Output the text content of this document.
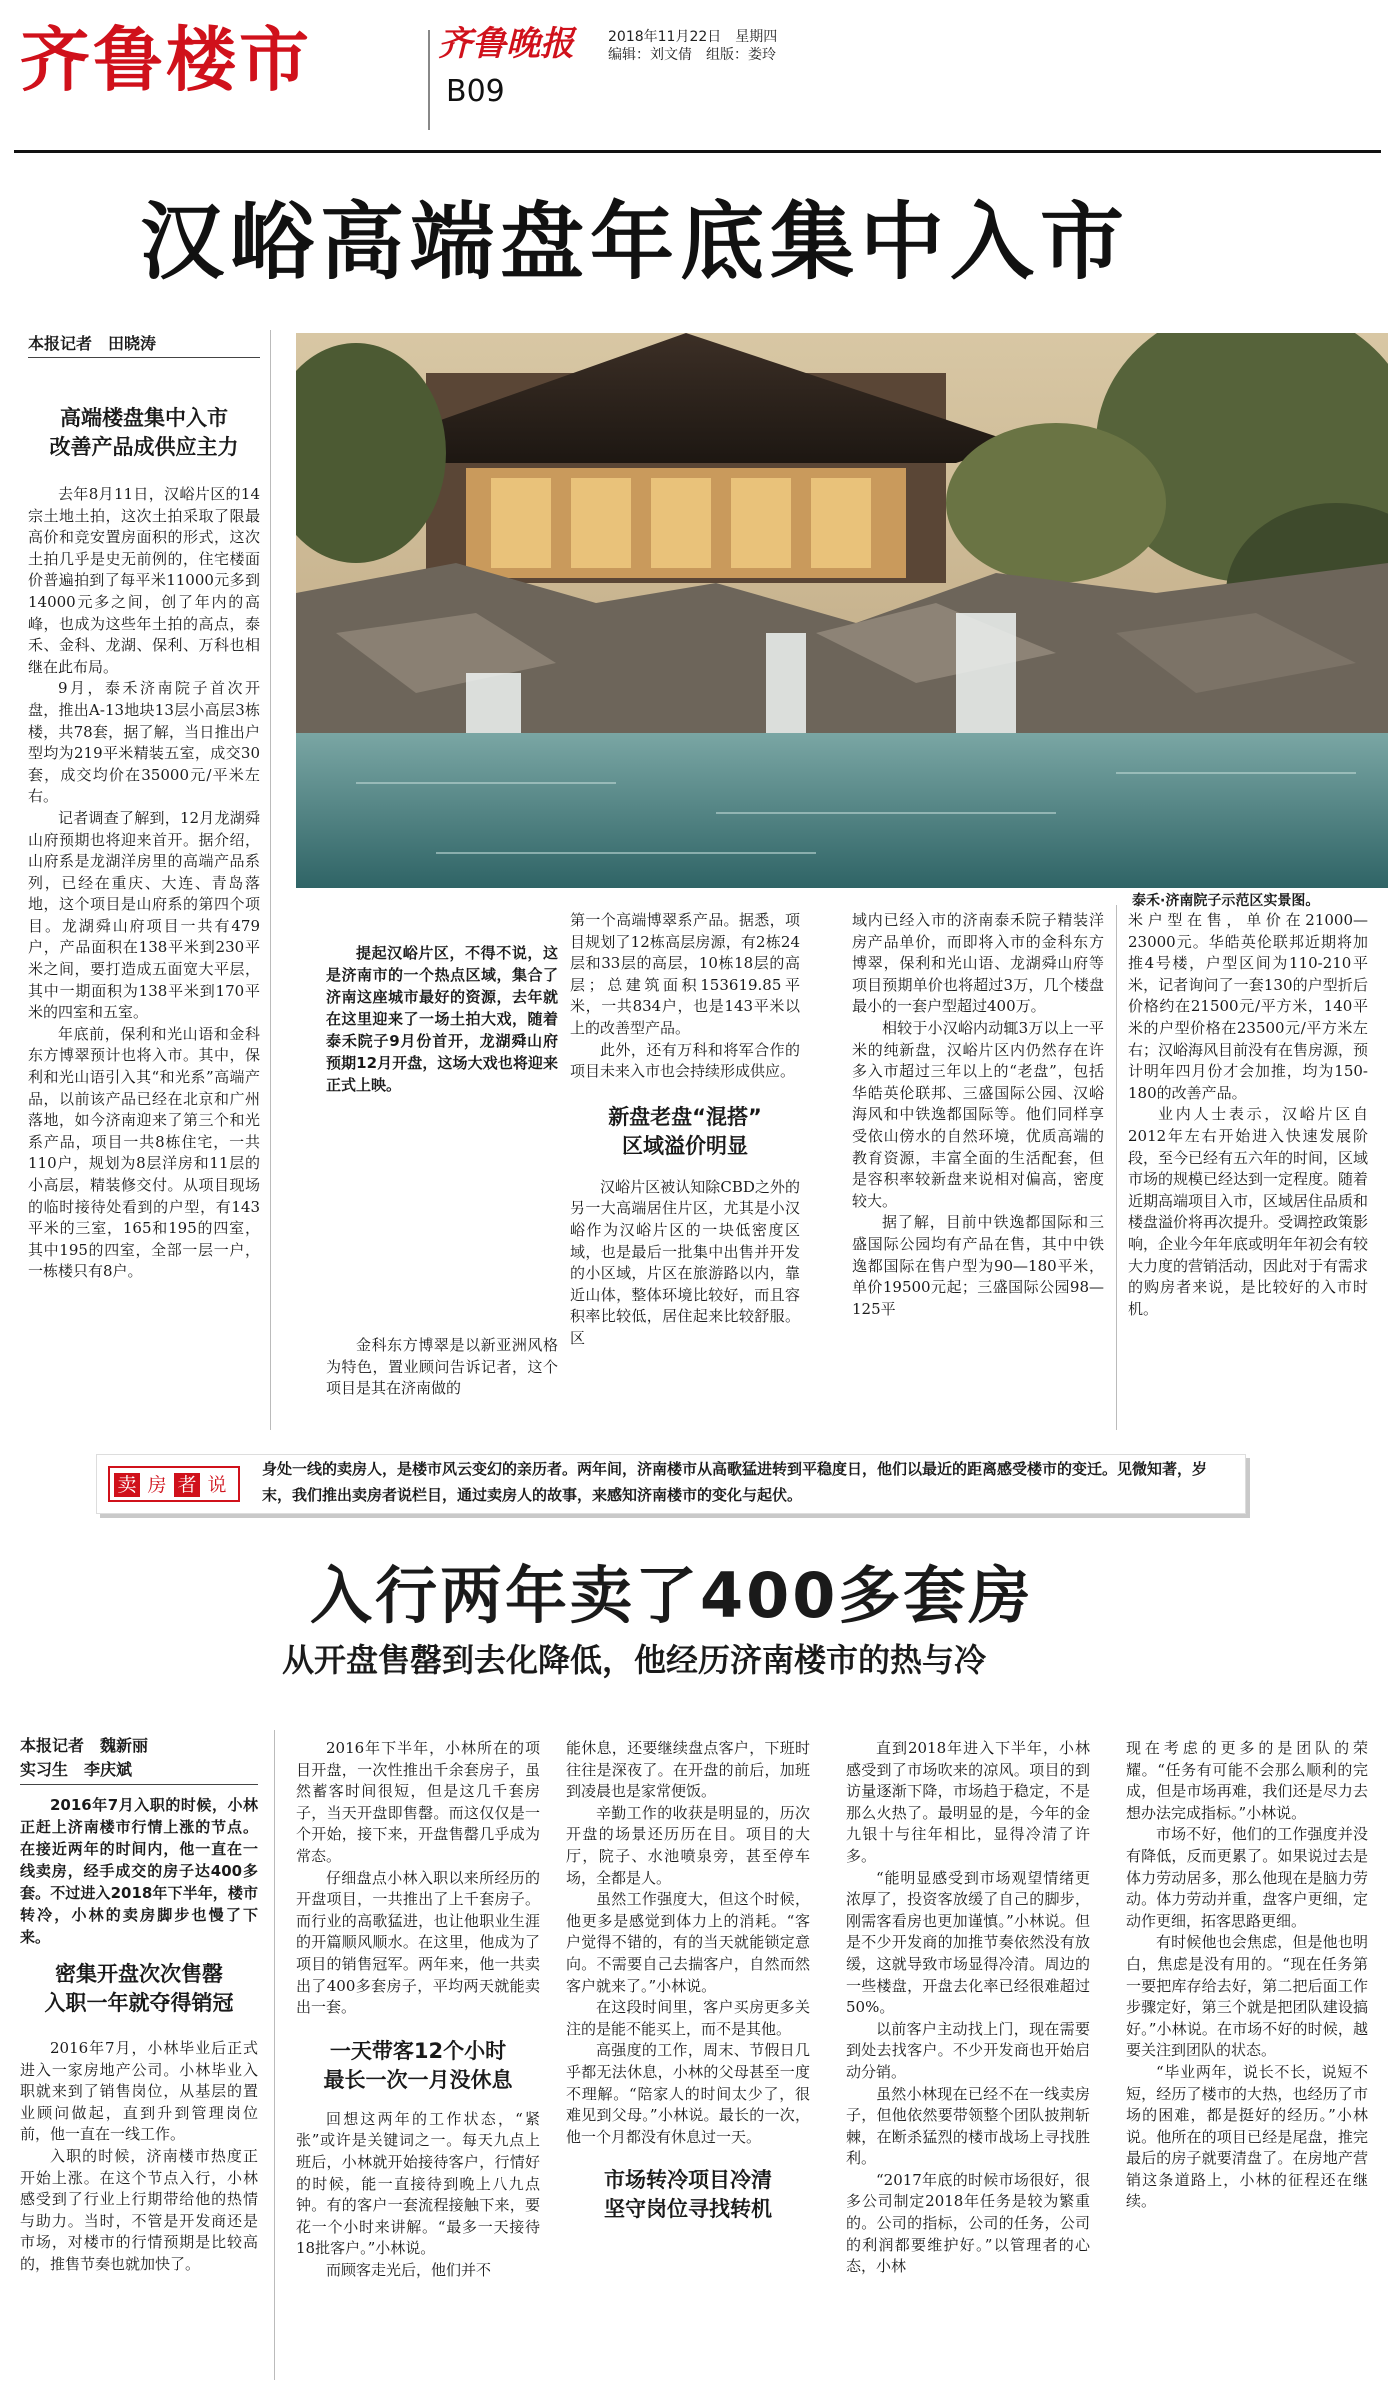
齐鲁楼市	齐鲁晚报 2018年11月22日　星期四
编辑：刘文倩　组版：娄玲
B09
汉峪高端盘年底集中入市
本报记者　田晓涛
高端楼盘集中入市
改善产品成供应主力

去年8月11日，汉峪片区的14宗土地土拍，这次土拍采取了限最高价和竞安置房面积的形式，这次土拍几乎是史无前例的，住宅楼面价普遍拍到了每平米11000元多到14000元多之间，创了年内的高峰，也成为这些年土拍的高点，泰禾、金科、龙湖、保利、万科也相继在此布局。

9月，泰禾济南院子首次开盘，推出A-13地块13层小高层3栋楼，共78套，据了解，当日推出户型均为219平米精装五室，成交30套，成交均价在35000元/平米左右。

记者调查了解到，12月龙湖舜山府预期也将迎来首开。据介绍，山府系是龙湖洋房里的高端产品系列，已经在重庆、大连、青岛落地，这个项目是山府系的第四个项目。龙湖舜山府项目一共有479户，产品面积在138平米到230平米之间，要打造成五面宽大平层，其中一期面积为138平米到170平米的四室和五室。

年底前，保利和光山语和金科东方博翠预计也将入市。其中，保利和光山语引入其“和光系”高端产品，以前该产品已经在北京和广州落地，如今济南迎来了第三个和光系产品，项目一共8栋住宅，一共110户，规划为8层洋房和11层的小高层，精装修交付。从项目现场的临时接待处看到的户型，有143平米的三室，165和195的四室，其中195的四室，全部一层一户，一栋楼只有8户。

泰禾·济南院子示范区实景图。

提起汉峪片区，不得不说，这是济南市的一个热点区域，集合了济南这座城市最好的资源，去年就在这里迎来了一场土拍大戏，随着泰禾院子9月份首开，龙湖舜山府预期12月开盘，这场大戏也将迎来正式上映。

金科东方博翠是以新亚洲风格为特色，置业顾问告诉记者，这个项目是其在济南做的

第一个高端博翠系产品。据悉，项目规划了12栋高层房源，有2栋24层和33层的高层，10栋18层的高层；总建筑面积153619.85平米，一共834户，也是143平米以上的改善型产品。

此外，还有万科和将军合作的项目未来入市也会持续形成供应。

新盘老盘“混搭”
区域溢价明显

汉峪片区被认知除CBD之外的另一大高端居住片区，尤其是小汉峪作为汉峪片区的一块低密度区域，也是最后一批集中出售并开发的小区域，片区在旅游路以内，靠近山体，整体环境比较好，而且容积率比较低，居住起来比较舒服。区

域内已经入市的济南泰禾院子精装洋房产品单价，而即将入市的金科东方博翠，保利和光山语、龙湖舜山府等项目预期单价也将超过3万，几个楼盘最小的一套户型超过400万。

相较于小汉峪内动辄3万以上一平米的纯新盘，汉峪片区内仍然存在许多入市超过三年以上的“老盘”，包括华皓英伦联邦、三盛国际公园、汉峪海风和中铁逸都国际等。他们同样享受依山傍水的自然环境，优质高端的教育资源，丰富全面的生活配套，但是容积率较新盘来说相对偏高，密度较大。

据了解，目前中铁逸都国际和三盛国际公园均有产品在售，其中中铁逸都国际在售户型为90—180平米，单价19500元起；三盛国际公园98—125平

米户型在售，单价在21000—23000元。华皓英伦联邦近期将加推4号楼，户型区间为110-210平米，记者询问了一套130的户型折后价格约在21500元/平方米，140平米的户型价格在23500元/平方米左右；汉峪海风目前没有在售房源，预计明年四月份才会加推，均为150-180的改善产品。

业内人士表示，汉峪片区自2012年左右开始进入快速发展阶段，至今已经有五六年的时间，区域市场的规模已经达到一定程度。随着近期高端项目入市，区域居住品质和楼盘溢价将再次提升。受调控政策影响，企业今年年底或明年年初会有较大力度的营销活动，因此对于有需求的购房者来说，是比较好的入市时机。

卖 房 者 说
身处一线的卖房人，是楼市风云变幻的亲历者。两年间，济南楼市从高歌猛进转到平稳度日，他们以最近的距离感受楼市的变迁。见微知著，岁末，我们推出卖房者说栏目，通过卖房人的故事，来感知济南楼市的变化与起伏。
入行两年卖了400多套房
从开盘售罄到去化降低，他经历济南楼市的热与冷
本报记者　魏新丽
实习生　李庆斌
2016年7月入职的时候，小林正赶上济南楼市行情上涨的节点。在接近两年的时间内，他一直在一线卖房，经手成交的房子达400多套。不过进入2018年下半年，楼市转冷，小林的卖房脚步也慢了下来。
密集开盘次次售罄
入职一年就夺得销冠

2016年7月，小林毕业后正式进入一家房地产公司。小林毕业入职就来到了销售岗位，从基层的置业顾问做起，直到升到管理岗位前，他一直在一线工作。

入职的时候，济南楼市热度正开始上涨。在这个节点入行，小林感受到了行业上行期带给他的热情与助力。当时，不管是开发商还是市场，对楼市的行情预期是比较高的，推售节奏也就加快了。

2016年下半年，小林所在的项目开盘，一次性推出千余套房子，虽然蓄客时间很短，但是这几千套房子，当天开盘即售罄。而这仅仅是一个开始，接下来，开盘售罄几乎成为常态。

仔细盘点小林入职以来所经历的开盘项目，一共推出了上千套房子。而行业的高歌猛进，也让他职业生涯的开篇顺风顺水。在这里，他成为了项目的销售冠军。两年来，他一共卖出了400多套房子，平均两天就能卖出一套。

一天带客12个小时
最长一次一月没休息

回想这两年的工作状态，“紧张”或许是关键词之一。每天九点上班后，小林就开始接待客户，行情好的时候，能一直接待到晚上八九点钟。有的客户一套流程接触下来，要花一个小时来讲解。“最多一天接待18批客户。”小林说。

而顾客走光后，他们并不

能休息，还要继续盘点客户，下班时往往是深夜了。在开盘的前后，加班到凌晨也是家常便饭。

辛勤工作的收获是明显的，历次开盘的场景还历历在目。项目的大厅，院子、水池喷泉旁，甚至停车场，全都是人。

虽然工作强度大，但这个时候，他更多是感觉到体力上的消耗。“客户觉得不错的，有的当天就能锁定意向。不需要自己去揣客户，自然而然客户就来了。”小林说。

在这段时间里，客户买房更多关注的是能不能买上，而不是其他。

高强度的工作，周末、节假日几乎都无法休息，小林的父母甚至一度不理解。“陪家人的时间太少了，很难见到父母。”小林说。最长的一次，他一个月都没有休息过一天。

市场转冷项目冷清
坚守岗位寻找转机

直到2018年进入下半年，小林感受到了市场吹来的凉风。项目的到访量逐渐下降，市场趋于稳定，不是那么火热了。最明显的是，今年的金九银十与往年相比，显得冷清了许多。

“能明显感受到市场观望情绪更浓厚了，投资客放缓了自己的脚步，刚需客看房也更加谨慎。”小林说。但是不少开发商的加推节奏依然没有放缓，这就导致市场显得冷清。周边的一些楼盘，开盘去化率已经很难超过50%。

以前客户主动找上门，现在需要到处去找客户。不少开发商也开始启动分销。

虽然小林现在已经不在一线卖房子，但他依然要带领整个团队披荆斩棘，在断杀猛烈的楼市战场上寻找胜利。

“2017年底的时候市场很好，很多公司制定2018年任务是较为繁重的。公司的指标，公司的任务，公司的利润都要维护好。”以管理者的心态，小林

现在考虑的更多的是团队的荣耀。“任务有可能不会那么顺利的完成，但是市场再难，我们还是尽力去想办法完成指标。”小林说。

市场不好，他们的工作强度并没有降低，反而更累了。如果说过去是体力劳动居多，那么他现在是脑力劳动。体力劳动并重，盘客户更细，定动作更细，拓客思路更细。

有时候他也会焦虑，但是他也明白，焦虑是没有用的。“现在任务第一要把库存给去好，第二把后面工作步骤定好，第三个就是把团队建设搞好。”小林说。在市场不好的时候，越要关注到团队的状态。

“毕业两年，说长不长，说短不短，经历了楼市的大热，也经历了市场的困难，都是挺好的经历。”小林说。他所在的项目已经是尾盘，推完最后的房子就要清盘了。在房地产营销这条道路上，小林的征程还在继续。
